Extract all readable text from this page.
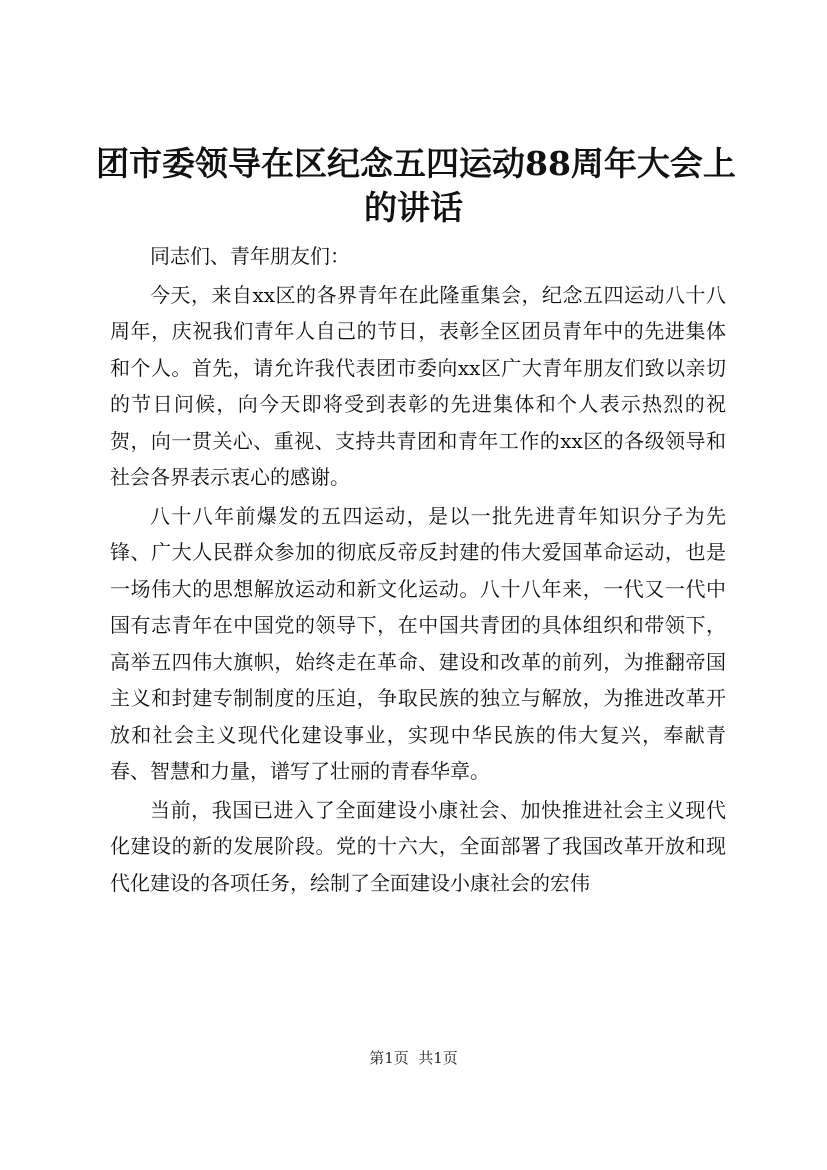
团市委领导在区纪念五四运动88周年大会上
的讲话

同志们、青年朋友们：

今天，来自xx区的各界青年在此隆重集会，纪念五四运动八十八周年，庆祝我们青年人自己的节日，表彰全区团员青年中的先进集体和个人。首先，请允许我代表团市委向xx区广大青年朋友们致以亲切的节日问候，向今天即将受到表彰的先进集体和个人表示热烈的祝贺，向一贯关心、重视、支持共青团和青年工作的xx区的各级领导和社会各界表示衷心的感谢。

八十八年前爆发的五四运动，是以一批先进青年知识分子为先锋、广大人民群众参加的彻底反帝反封建的伟大爱国革命运动，也是一场伟大的思想解放运动和新文化运动。八十八年来，一代又一代中国有志青年在中国党的领导下，在中国共青团的具体组织和带领下，高举五四伟大旗帜，始终走在革命、建设和改革的前列，为推翻帝国主义和封建专制制度的压迫，争取民族的独立与解放，为推进改革开放和社会主义现代化建设事业，实现中华民族的伟大复兴，奉献青春、智慧和力量，谱写了壮丽的青春华章。

当前，我国已进入了全面建设小康社会、加快推进社会主义现代化建设的新的发展阶段。党的十六大，全面部署了我国改革开放和现代化建设的各项任务，绘制了全面建设小康社会的宏伟

第1页  共1页
